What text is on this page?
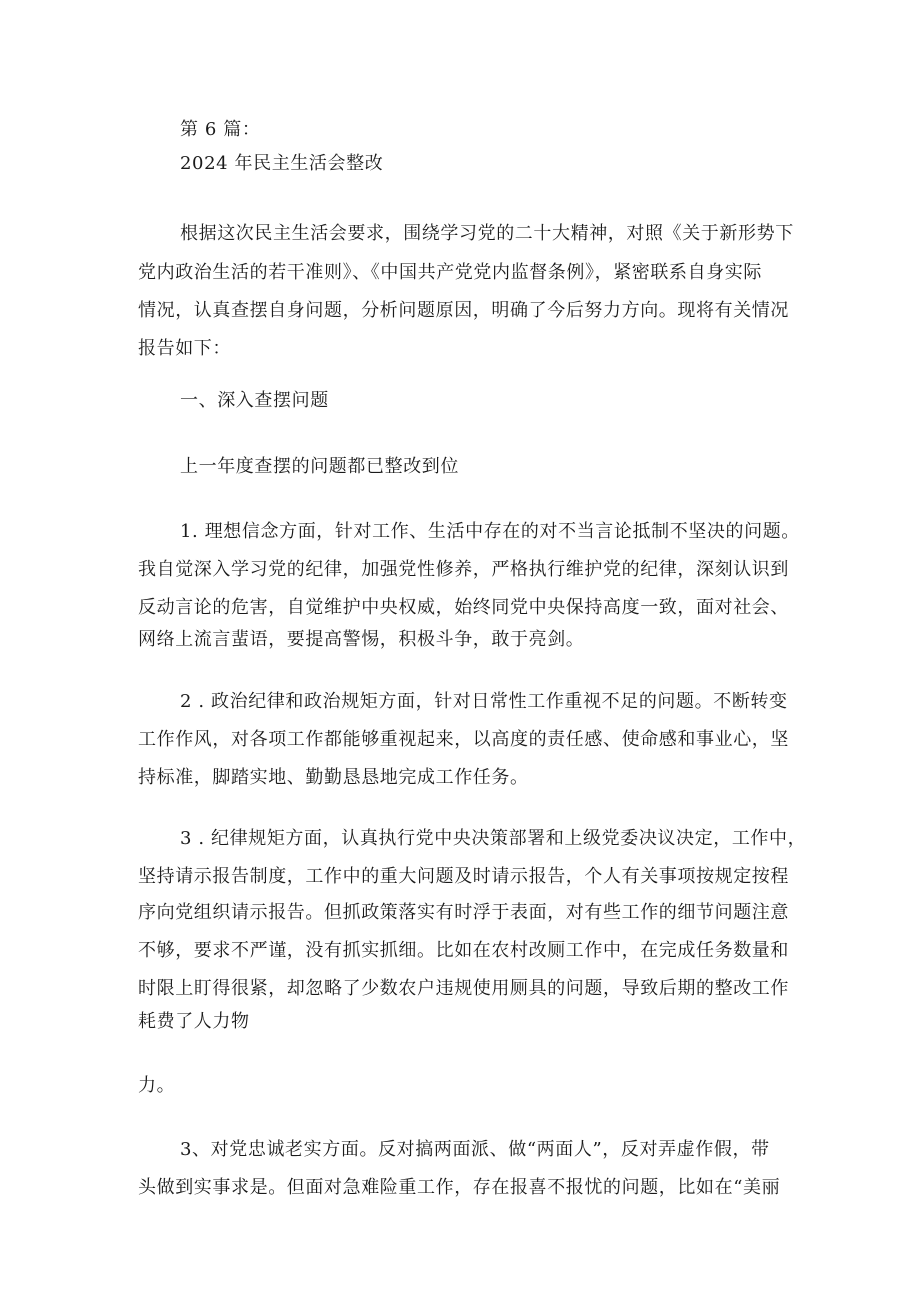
第 6 篇：
2024 年民主生活会整改
根据这次民主生活会要求，围绕学习党的二十大精神，对照《关于新形势下
党内政治生活的若干准则》、《中国共产党党内监督条例》，紧密联系自身实际
情况，认真查摆自身问题，分析问题原因，明确了今后努力方向。现将有关情况
报告如下：
一、深入查摆问题
上一年度查摆的问题都已整改到位
1. 理想信念方面，针对工作、生活中存在的对不当言论抵制不坚决的问题。
我自觉深入学习党的纪律，加强党性修养，严格执行维护党的纪律，深刻认识到
反动言论的危害，自觉维护中央权威，始终同党中央保持高度一致，面对社会、
网络上流言蜚语，要提高警惕，积极斗争，敢于亮剑。
2 . 政治纪律和政治规矩方面，针对日常性工作重视不足的问题。不断转变
工作作风，对各项工作都能够重视起来，以高度的责任感、使命感和事业心，坚
持标准，脚踏实地、勤勤恳恳地完成工作任务。
3 . 纪律规矩方面，认真执行党中央决策部署和上级党委决议决定，工作中，
坚持请示报告制度，工作中的重大问题及时请示报告，个人有关事项按规定按程
序向党组织请示报告。但抓政策落实有时浮于表面，对有些工作的细节问题注意
不够，要求不严谨，没有抓实抓细。比如在农村改厕工作中，在完成任务数量和
时限上盯得很紧，却忽略了少数农户违规使用厕具的问题，导致后期的整改工作
耗费了人力物
力。
3、对党忠诚老实方面。反对搞两面派、做“两面人”，反对弄虚作假，带
头做到实事求是。但面对急难险重工作，存在报喜不报忧的问题，比如在“美丽
